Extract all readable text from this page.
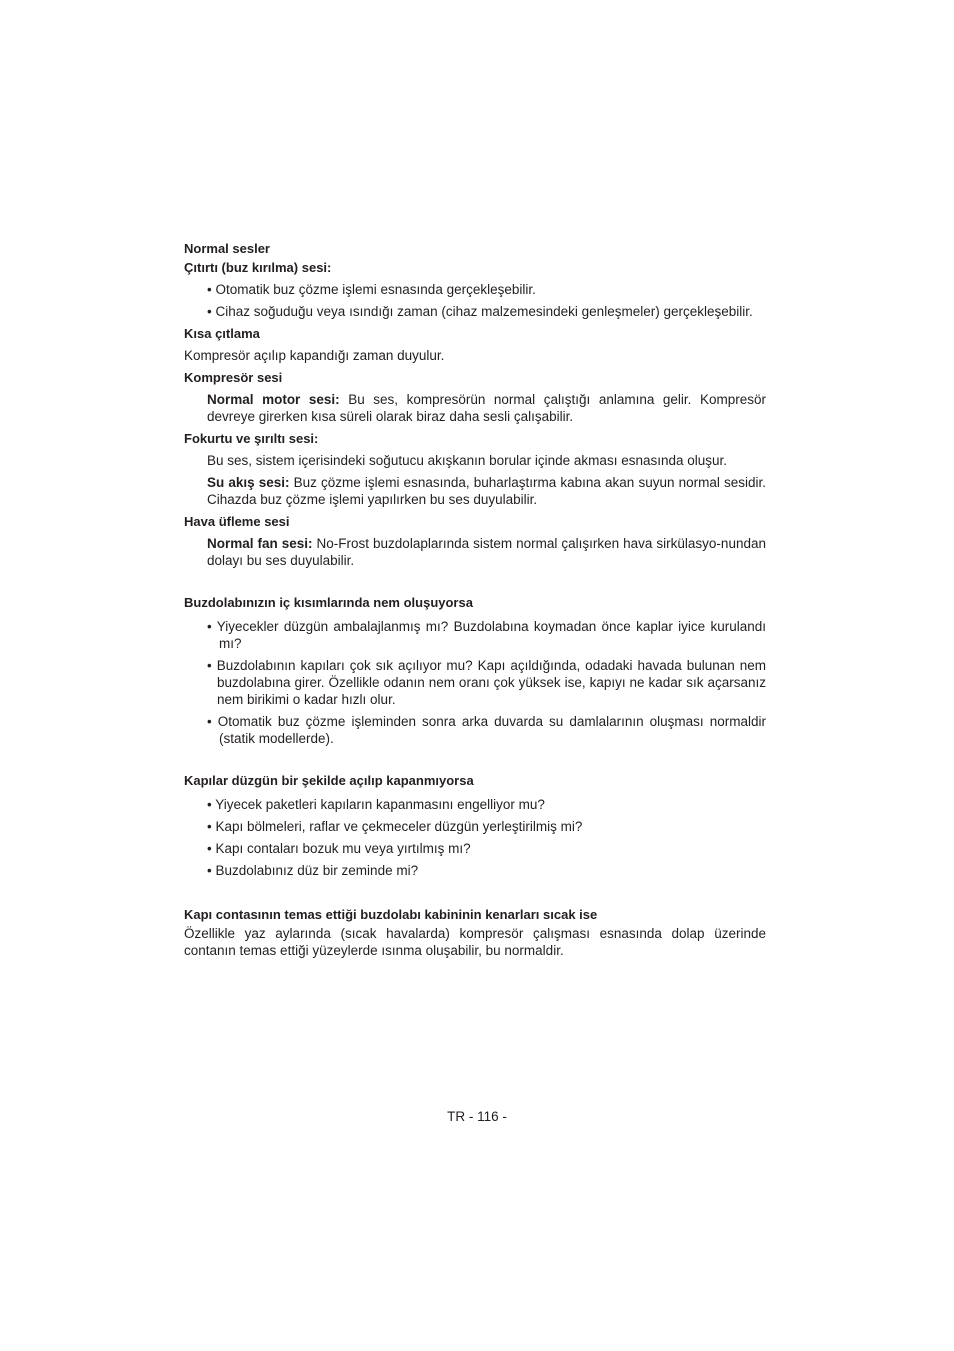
Normal sesler

Çıtırtı (buz kırılma) sesi:

• Otomatik buz çözme işlemi esnasında gerçekleşebilir.

• Cihaz soğuduğu veya ısındığı zaman (cihaz malzemesindeki genleşmeler) gerçekleşebilir.

Kısa çıtlama

Kompresör açılıp kapandığı zaman duyulur.

Kompresör sesi

Normal motor sesi: Bu ses, kompresörün normal çalıştığı anlamına gelir. Kompresör devreye girerken kısa süreli olarak biraz daha sesli çalışabilir.

Fokurtu ve şırıltı sesi:

Bu ses, sistem içerisindeki soğutucu akışkanın borular içinde akması esnasında oluşur.

Su akış sesi: Buz çözme işlemi esnasında, buharlaştırma kabına akan suyun normal sesidir. Cihazda buz çözme işlemi yapılırken bu ses duyulabilir.

Hava üfleme sesi

Normal fan sesi: No-Frost buzdolaplarında sistem normal çalışırken hava sirkülasyo-nundan dolayı bu ses duyulabilir.

Buzdolabınızın iç kısımlarında nem oluşuyorsa

• Yiyecekler düzgün ambalajlanmış mı? Buzdolabına koymadan önce kaplar iyice kurulandı mı?

• Buzdolabının kapıları çok sık açılıyor mu? Kapı açıldığında, odadaki havada bulunan nem buzdolabına girer. Özellikle odanın nem oranı çok yüksek ise, kapıyı ne kadar sık açarsanız nem birikimi o kadar hızlı olur.

• Otomatik buz çözme işleminden sonra arka duvarda su damlalarının oluşması normaldir (statik modellerde).

Kapılar düzgün bir şekilde açılıp kapanmıyorsa

• Yiyecek paketleri kapıların kapanmasını engelliyor mu?

• Kapı bölmeleri, raflar ve çekmeceler düzgün yerleştirilmiş mi?

• Kapı contaları bozuk mu veya yırtılmış mı?

• Buzdolabınız düz bir zeminde mi?

Kapı contasının temas ettiği buzdolabı kabininin kenarları sıcak ise

Özellikle yaz aylarında (sıcak havalarda) kompresör çalışması esnasında dolap üzerinde contanın temas ettiği yüzeylerde ısınma oluşabilir, bu normaldir.

TR - 116 -
